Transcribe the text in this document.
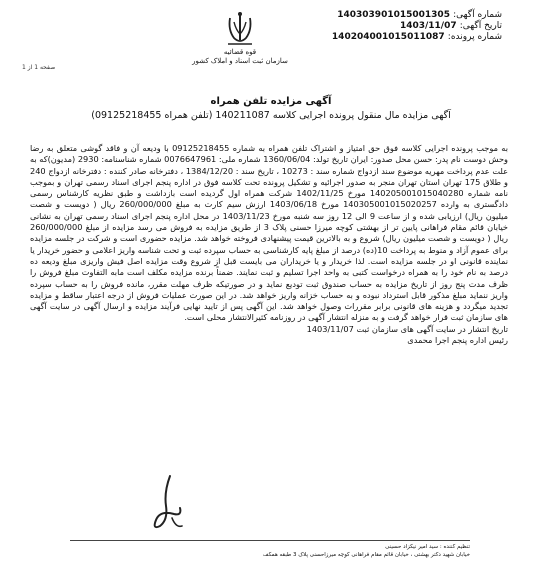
شماره آگهی: 140303901015001305
تاریخ آگهی: 1403/11/07
شماره پرونده: 140204001015011087
قوه قضائیه
سازمان ثبت اسناد و املاک کشور
صفحه 1 از 1
آگهی مزایده تلفن همراه
آگهی مزایده مال منقول پرونده اجرایی کلاسه 140211087 (تلفن همراه 09125218455)

به موجب پرونده اجرایی کلاسه فوق حق امتیاز و اشتراک تلفن همراه به شماره 09125218455 با ودیعه آن و فاقد گوشی متعلق به رضا وحش دوست نام پدر: حسن محل صدور: ایران تاریخ تولد: 1360/06/04 شماره ملی: 0076647961 شماره شناسنامه: 2930 (مدیون)که به علت عدم پرداخت مهریه موضوع سند ازدواج شماره سند : 10273 ، تاریخ سند : 1384/12/20 ، دفترخانه صادر کننده : دفترخانه ازدواج 240 و طلاق 175 تهران استان تهران منجر به صدور اجرائیه و تشکیل پرونده تحت کلاسه فوق در اداره پنجم اجرای اسناد رسمی تهران و بموجب نامه شماره 140205001015040280 مورخ 1402/11/25 شرکت همراه اول گردیده است بازداشت و طبق نظریه کارشناس رسمی دادگستری به وارده 140305001015020257 مورخ 1403/06/18 ارزش سیم کارت به مبلغ 260/000/000 ریال ( دویست و شصت میلیون ریال) ارزیابی شده و از ساعت 9 الی 12 روز سه شنبه مورخ 1403/11/23 در محل اداره پنجم اجرای اسناد رسمی تهران به نشانی خیابان قائم مقام فراهانی پایین تر از بهشتی کوچه میرزا حسنی پلاک 3 از طریق مزایده به فروش می رسد مزایده از مبلغ 260/000/000 ریال ( دویست و شصت میلیون ریال) شروع و به بالاترین قیمت پیشنهادی فروخته خواهد شد. مزایده حضوری است و شرکت در جلسه مزایده برای عموم آزاد و منوط به پرداخت 10(ده) درصد از مبلغ پایه کارشناسی به حساب سپرده ثبت و تحت شناسه واریز اعلامی و حضور خریدار یا نماینده قانونی او در جلسه مزایده است. لذا خریدار و یا خریداران می بایست قبل از شروع وقت مزایده اصل فیش واریزی مبلغ ودیعه ده درصد به نام خود را به همراه درخواست کتبی به واحد اجرا تسلیم و ثبت نمایند. ضمناً برنده مزایده مکلف است مابه التفاوت مبلغ فروش را ظرف مدت پنج روز از تاریخ مزایده به حساب صندوق ثبت تودیع نماید و در صورتیکه ظرف مهلت مقرر، مانده فروش را به حساب سپرده واریز ننماید مبلغ مذکور قابل استرداد نبوده و به حساب خزانه واریز خواهد شد. در این صورت عملیات فروش از درجه اعتبار ساقط و مزایده تجدید میگردد و هزینه های قانونی برابر مقررات وصول خواهد شد. این آگهی پس از تایید نهایی فرآیند مزایده و ارسال آگهی در سایت آگهی های سازمان ثبت قرار خواهد گرفت و به منزله انتشار آگهی در روزنامه کثیرالانتشار محلی است.

تاریخ انتشار در سایت آگهی های سازمان ثبت 1403/11/07

رئیس اداره پنجم اجرا محمدی

تنظیم کننده : سید امیر نیکزاد حسینی
خیابان شهید دکتر بهشتی ، خیابان قائم مقام فراهانی کوچه میرزاحسنی پلاک 3 طبقه همکف
